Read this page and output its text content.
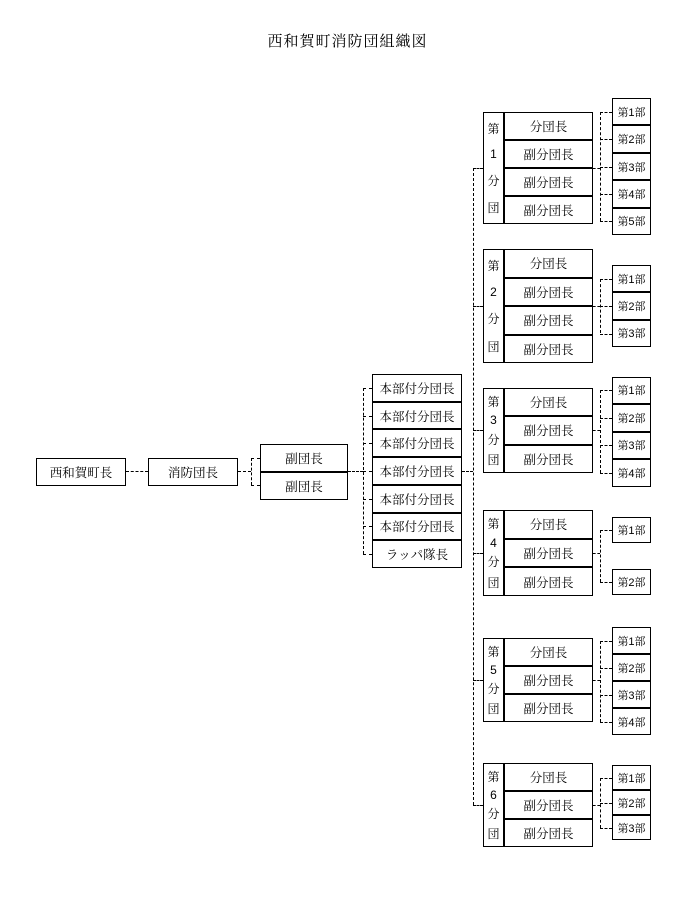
西和賀町消防団組織図
西和賀町長	消防団長
副団長
副団長
本部付分団長
本部付分団長
本部付分団長
本部付分団長
本部付分団長
本部付分団長
ラッパ隊長
第
1
分
団
分団長
副分団長
副分団長
副分団長
第1部
第2部
第3部
第4部
第5部
第
2
分
団
分団長
副分団長
副分団長
副分団長
第1部
第2部
第3部
第
3
分
団
分団長
副分団長
副分団長
第1部
第2部
第3部
第4部
第
4
分
団
分団長
副分団長
副分団長
第1部
第2部
第
5
分
団
分団長
副分団長
副分団長
第1部
第2部
第3部
第4部
第
6
分
団
分団長
副分団長
副分団長
第1部
第2部
第3部
